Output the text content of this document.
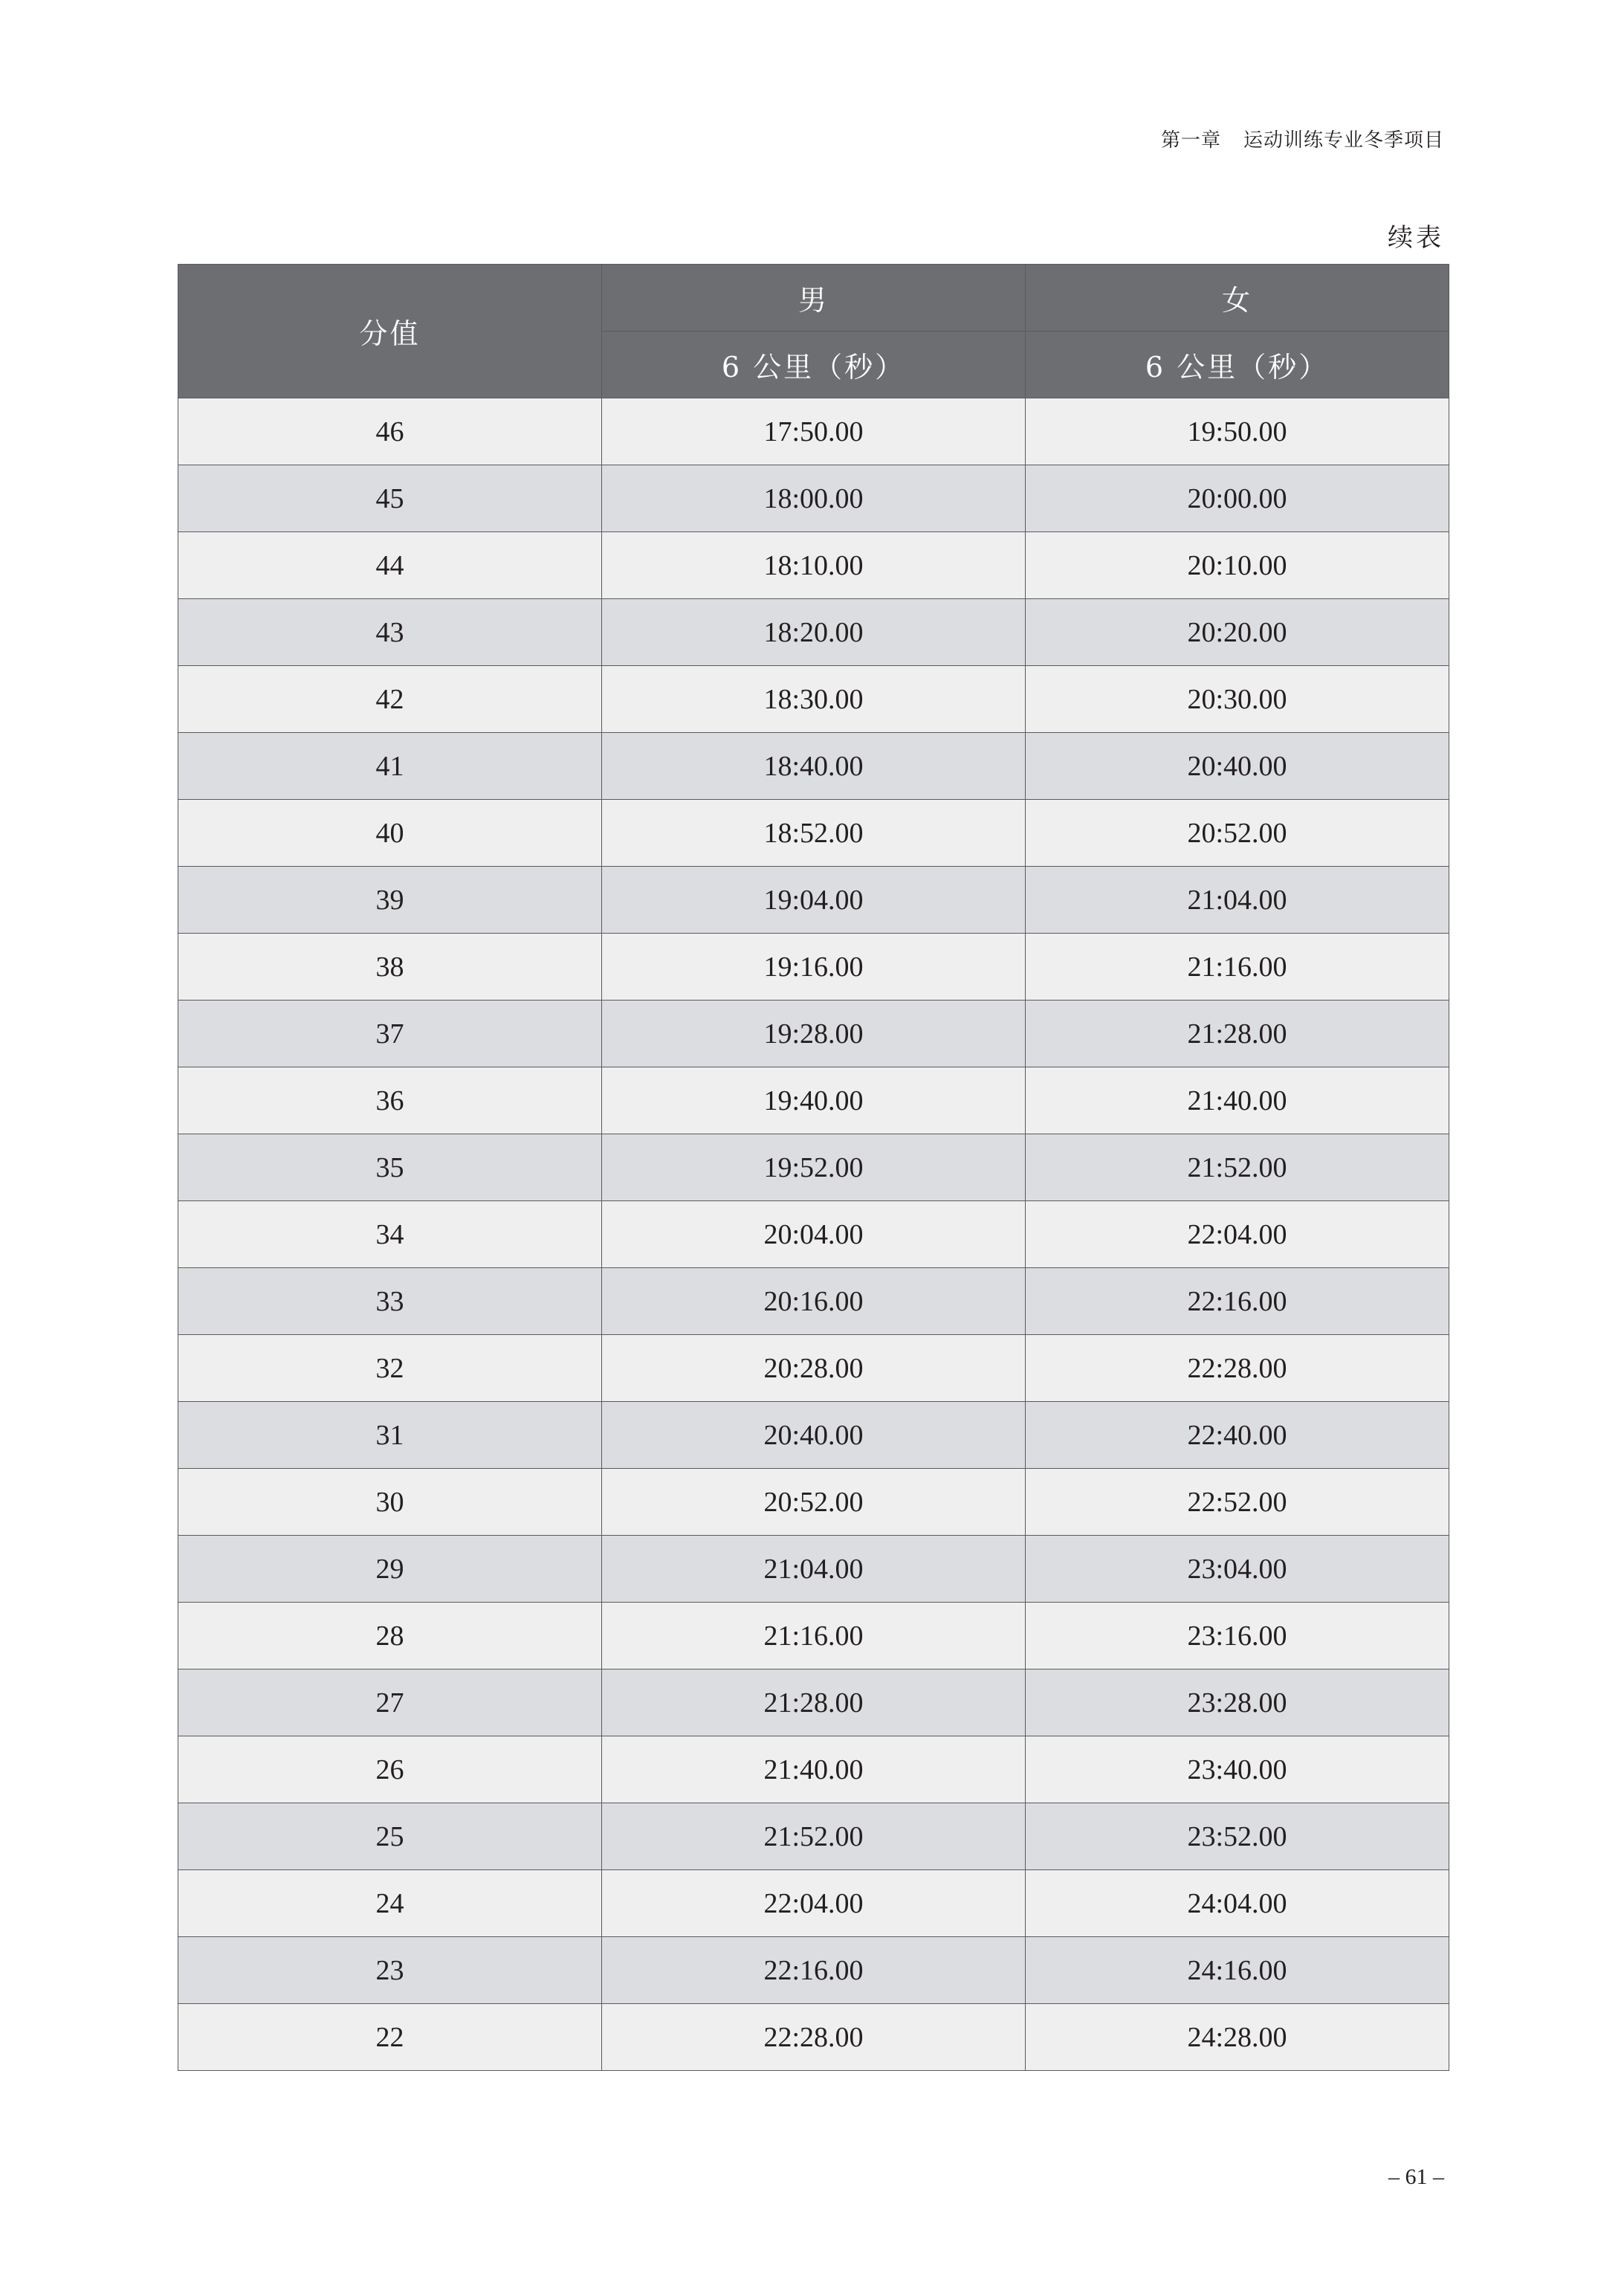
第一章 运动训练专业冬季项目
续表
分值	男	女
	6 公里（秒）	6 公里（秒）
46	17:50.00	19:50.00
45	18:00.00	20:00.00
44	18:10.00	20:10.00
43	18:20.00	20:20.00
42	18:30.00	20:30.00
41	18:40.00	20:40.00
40	18:52.00	20:52.00
39	19:04.00	21:04.00
38	19:16.00	21:16.00
37	19:28.00	21:28.00
36	19:40.00	21:40.00
35	19:52.00	21:52.00
34	20:04.00	22:04.00
33	20:16.00	22:16.00
32	20:28.00	22:28.00
31	20:40.00	22:40.00
30	20:52.00	22:52.00
29	21:04.00	23:04.00
28	21:16.00	23:16.00
27	21:28.00	23:28.00
26	21:40.00	23:40.00
25	21:52.00	23:52.00
24	22:04.00	24:04.00
23	22:16.00	24:16.00
22	22:28.00	24:28.00
– 61 –
